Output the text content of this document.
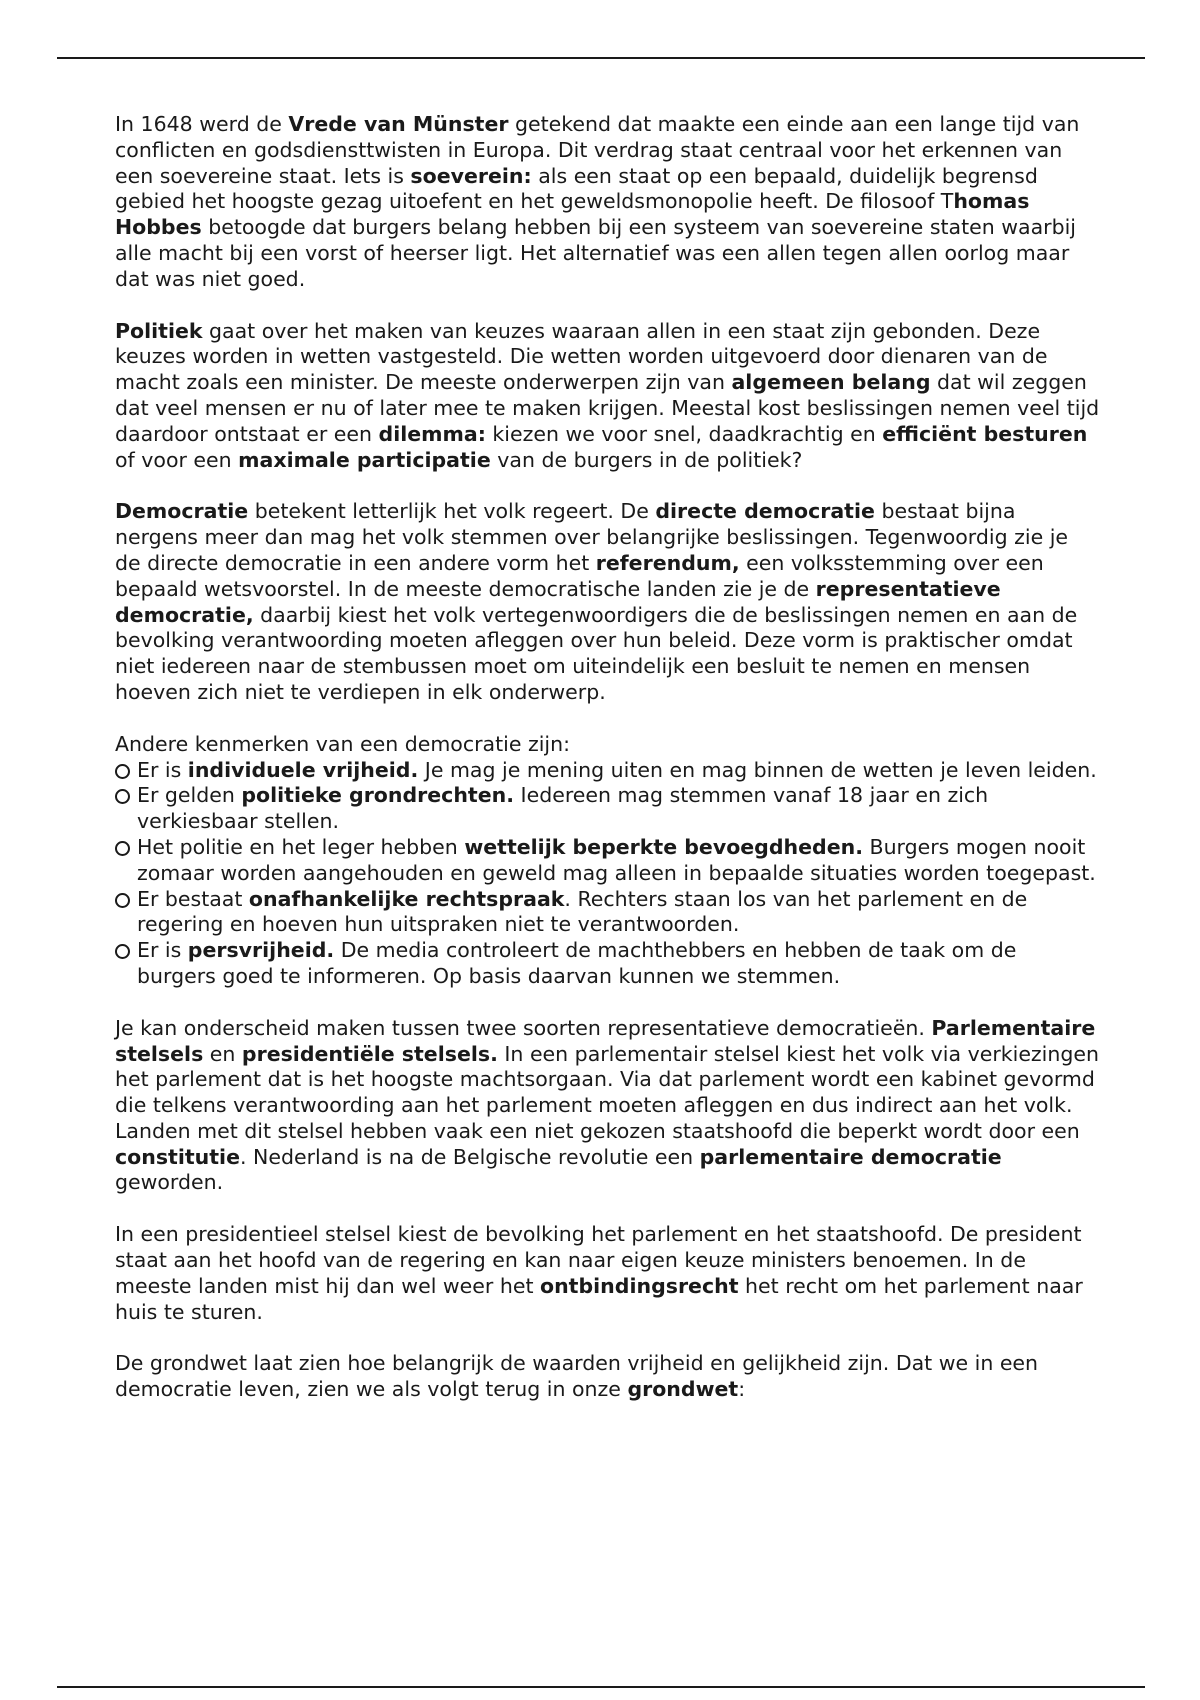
In 1648 werd de Vrede van Münster getekend dat maakte een einde aan een lange tijd van conflicten en godsdiensttwisten in Europa. Dit verdrag staat centraal voor het erkennen van een soevereine staat. Iets is soeverein: als een staat op een bepaald, duidelijk begrensd gebied het hoogste gezag uitoefent en het geweldsmonopolie heeft. De filosoof Thomas Hobbes betoogde dat burgers belang hebben bij een systeem van soevereine staten waarbij alle macht bij een vorst of heerser ligt. Het alternatief was een allen tegen allen oorlog maar dat was niet goed.

Politiek gaat over het maken van keuzes waaraan allen in een staat zijn gebonden. Deze keuzes worden in wetten vastgesteld. Die wetten worden uitgevoerd door dienaren van de macht zoals een minister. De meeste onderwerpen zijn van algemeen belang dat wil zeggen dat veel mensen er nu of later mee te maken krijgen. Meestal kost beslissingen nemen veel tijd daardoor ontstaat er een dilemma: kiezen we voor snel, daadkrachtig en efficiënt besturen of voor een maximale participatie van de burgers in de politiek?

Democratie betekent letterlijk het volk regeert. De directe democratie bestaat bijna nergens meer dan mag het volk stemmen over belangrijke beslissingen. Tegenwoordig zie je de directe democratie in een andere vorm het referendum, een volksstemming over een bepaald wetsvoorstel. In de meeste democratische landen zie je de representatieve democratie, daarbij kiest het volk vertegenwoordigers die de beslissingen nemen en aan de bevolking verantwoording moeten afleggen over hun beleid. Deze vorm is praktischer omdat niet iedereen naar de stembussen moet om uiteindelijk een besluit te nemen en mensen hoeven zich niet te verdiepen in elk onderwerp.

Andere kenmerken van een democratie zijn:

Er is individuele vrijheid. Je mag je mening uiten en mag binnen de wetten je leven leiden.
Er gelden politieke grondrechten. Iedereen mag stemmen vanaf 18 jaar en zich verkiesbaar stellen.
Het politie en het leger hebben wettelijk beperkte bevoegdheden. Burgers mogen nooit zomaar worden aangehouden en geweld mag alleen in bepaalde situaties worden toegepast.
Er bestaat onafhankelijke rechtspraak. Rechters staan los van het parlement en de regering en hoeven hun uitspraken niet te verantwoorden.
Er is persvrijheid. De media controleert de machthebbers en hebben de taak om de burgers goed te informeren. Op basis daarvan kunnen we stemmen.

Je kan onderscheid maken tussen twee soorten representatieve democratieën. Parlementaire stelsels en presidentiële stelsels. In een parlementair stelsel kiest het volk via verkiezingen het parlement dat is het hoogste machtsorgaan. Via dat parlement wordt een kabinet gevormd die telkens verantwoording aan het parlement moeten afleggen en dus indirect aan het volk. Landen met dit stelsel hebben vaak een niet gekozen staatshoofd die beperkt wordt door een constitutie. Nederland is na de Belgische revolutie een parlementaire democratie geworden.

In een presidentieel stelsel kiest de bevolking het parlement en het staatshoofd. De president staat aan het hoofd van de regering en kan naar eigen keuze ministers benoemen. In de meeste landen mist hij dan wel weer het ontbindingsrecht het recht om het parlement naar huis te sturen.

De grondwet laat zien hoe belangrijk de waarden vrijheid en gelijkheid zijn. Dat we in een democratie leven, zien we als volgt terug in onze grondwet:
